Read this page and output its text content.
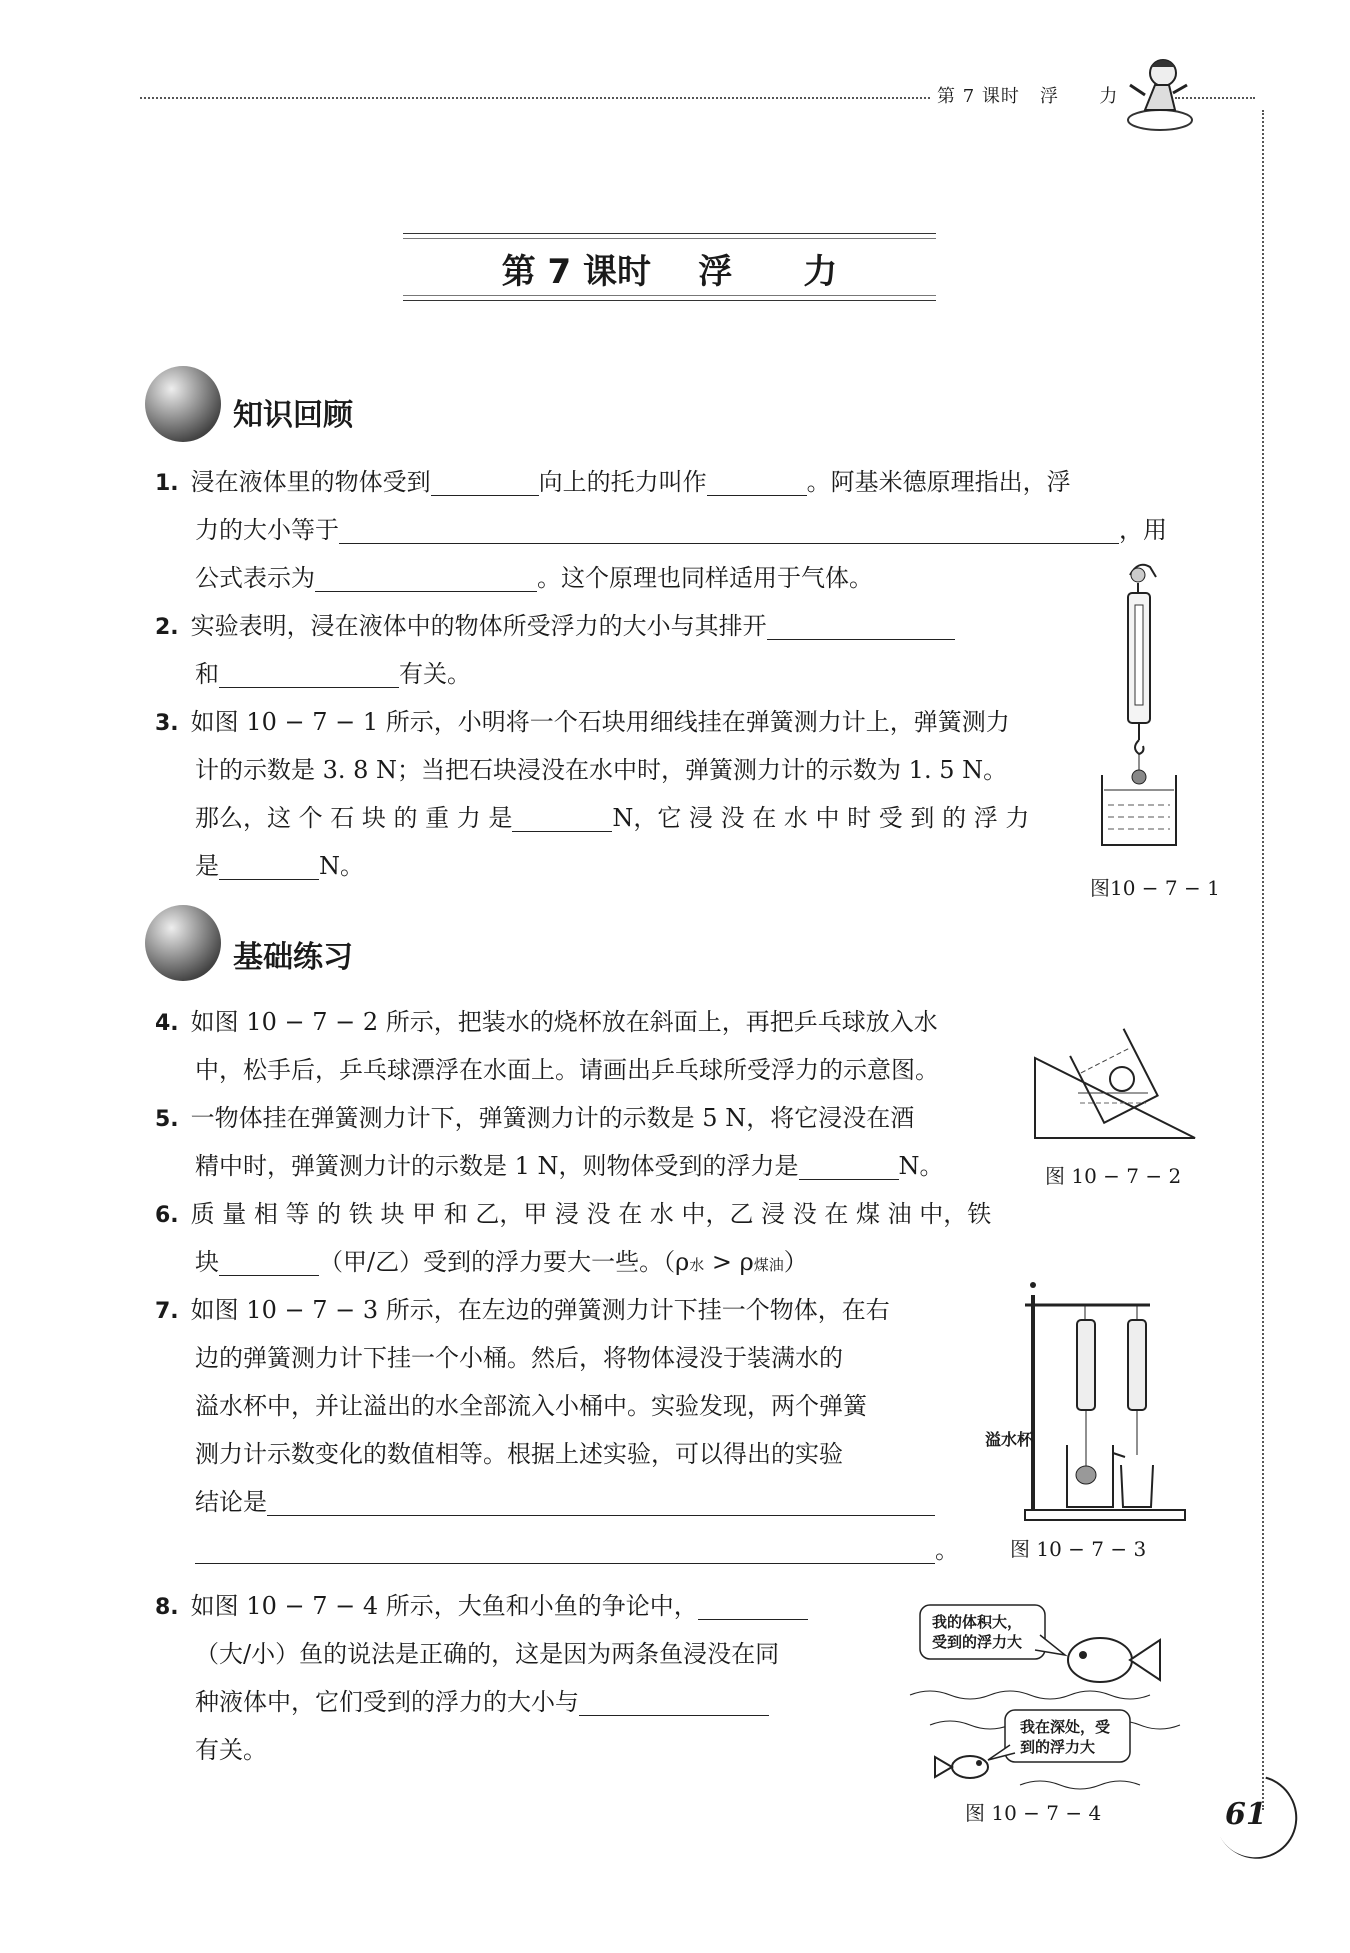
第 7 课时   浮      力
第 7 课时    浮      力
知识回顾
1. 浸在液体里的物体受到	向上的托力叫作	。阿基米德原理指出，浮
力的大小等于	，用
公式表示为	。这个原理也同样适用于气体。
2. 实验表明，浸在液体中的物体所受浮力的大小与其排开
和	有关。
3. 如图 10 − 7 − 1 所示，小明将一个石块用细线挂在弹簧测力计上，弹簧测力
计的示数是 3. 8 N；当把石块浸没在水中时，弹簧测力计的示数为 1. 5 N。
那么，这 个 石 块 的 重 力 是	N，它 浸 没 在 水 中 时 受 到 的 浮 力
是	N。
图10 − 7 − 1
基础练习
4. 如图 10 − 7 − 2 所示，把装水的烧杯放在斜面上，再把乒乓球放入水
中，松手后，乒乓球漂浮在水面上。请画出乒乓球所受浮力的示意图。
图 10 − 7 − 2
5. 一物体挂在弹簧测力计下，弹簧测力计的示数是 5 N，将它浸没在酒
精中时，弹簧测力计的示数是 1 N，则物体受到的浮力是	N。
6. 质 量 相 等 的 铁 块 甲 和 乙，甲 浸 没 在 水 中，乙 浸 没 在 煤 油 中，铁
块	（甲/乙）受到的浮力要大一些。（ρ水 > ρ煤油）
7. 如图 10 − 7 − 3 所示，在左边的弹簧测力计下挂一个物体，在右
边的弹簧测力计下挂一个小桶。然后，将物体浸没于装满水的
溢水杯中，并让溢出的水全部流入小桶中。实验发现，两个弹簧
测力计示数变化的数值相等。根据上述实验，可以得出的实验
结论是
。
溢水杯
图 10 − 7 − 3
8. 如图 10 − 7 − 4 所示，大鱼和小鱼的争论中，
（大/小）鱼的说法是正确的，这是因为两条鱼浸没在同
种液体中，它们受到的浮力的大小与
有关。
我的体积大，
受到的浮力大
我在深处，受
到的浮力大
图 10 − 7 − 4	61
